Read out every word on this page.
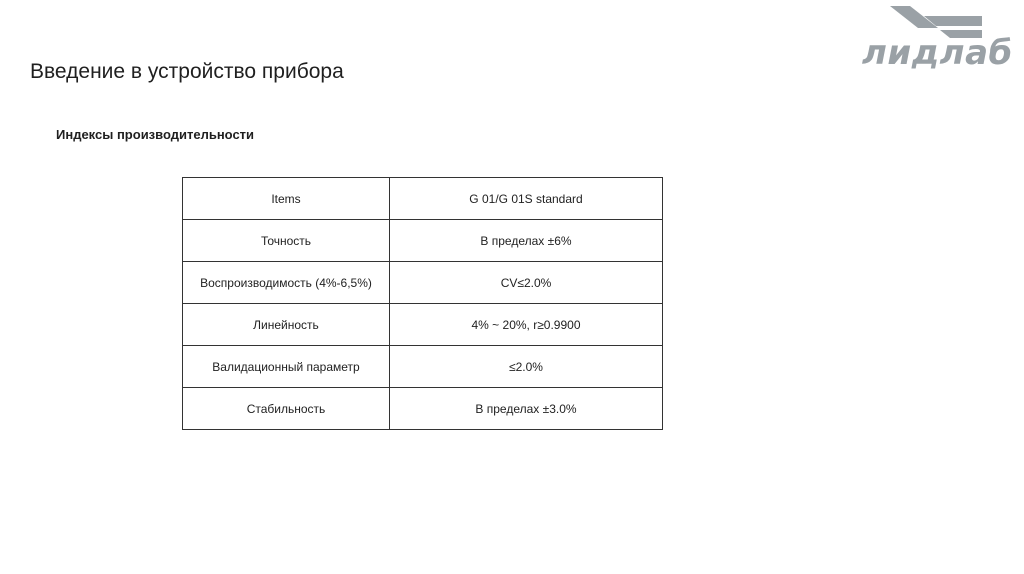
лидлаб
Введение в устройство прибора
Индексы производительности
Items	G 01/G 01S standard
Точность	В пределах ±6%
Воспроизводимость (4%-6,5%)	CV≤2.0%
Линейность	4% ~ 20%, r≥0.9900
Валидационный параметр	≤2.0%
Стабильность	В пределах ±3.0%
